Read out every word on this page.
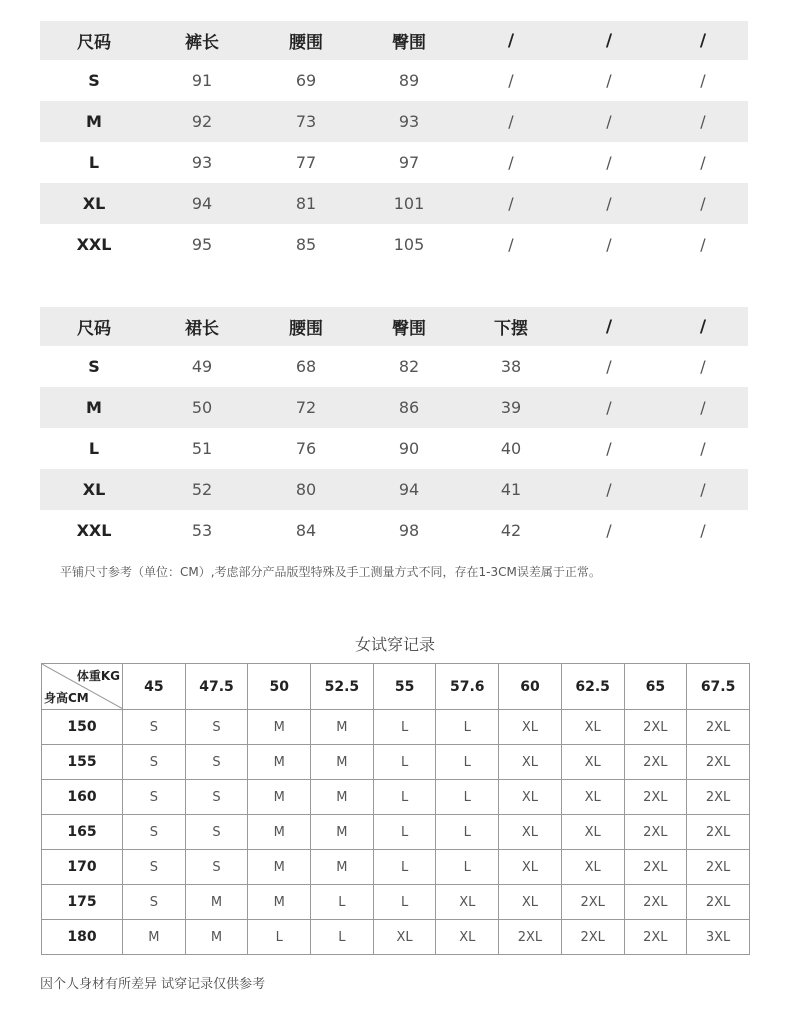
尺码	裤长	腰围	臀围	/	/	/
S	91	69	89	/	/	/
M	92	73	93	/	/	/
L	93	77	97	/	/	/
XL	94	81	101	/	/	/
XXL	95	85	105	/	/	/
尺码	裙长	腰围	臀围	下摆	/	/
S	49	68	82	38	/	/
M	50	72	86	39	/	/
L	51	76	90	40	/	/
XL	52	80	94	41	/	/
XXL	53	84	98	42	/	/
平铺尺寸参考（单位：CM）,考虑部分产品版型特殊及手工测量方式不同，存在1-3CM误差属于正常。
女试穿记录
体重KG
身高CM	45	47.5	50	52.5	55	57.6	60	62.5	65	67.5
150	S	S	M	M	L	L	XL	XL	2XL	2XL
155	S	S	M	M	L	L	XL	XL	2XL	2XL
160	S	S	M	M	L	L	XL	XL	2XL	2XL
165	S	S	M	M	L	L	XL	XL	2XL	2XL
170	S	S	M	M	L	L	XL	XL	2XL	2XL
175	S	M	M	L	L	XL	XL	2XL	2XL	2XL
180	M	M	L	L	XL	XL	2XL	2XL	2XL	3XL
因个人身材有所差异 试穿记录仅供参考
